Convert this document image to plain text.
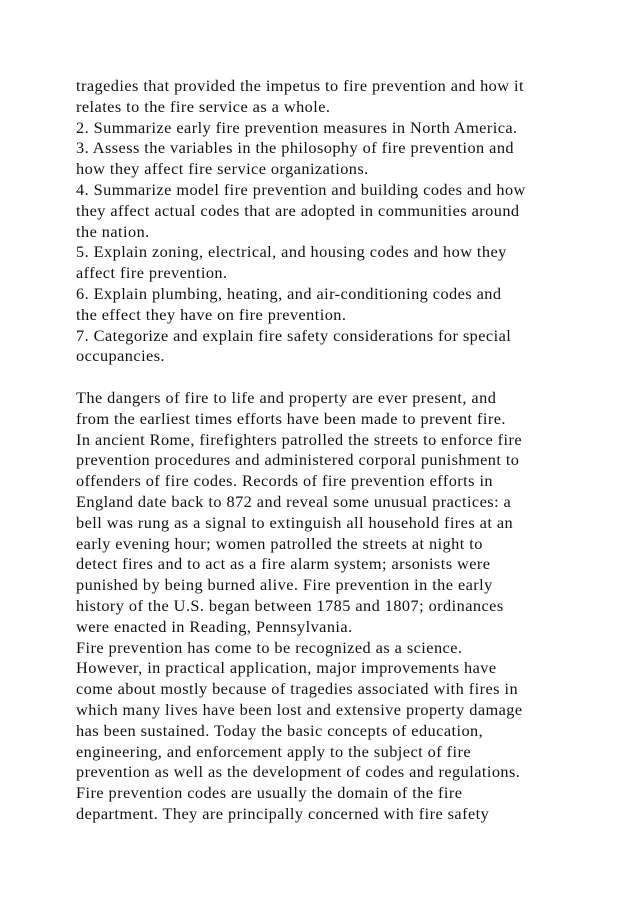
tragedies that provided the impetus to fire prevention and how it
relates to the fire service as a whole.
2. Summarize early fire prevention measures in North America.
3. Assess the variables in the philosophy of fire prevention and
how they affect fire service organizations.
4. Summarize model fire prevention and building codes and how
they affect actual codes that are adopted in communities around
the nation.
5. Explain zoning, electrical, and housing codes and how they
affect fire prevention.
6. Explain plumbing, heating, and air-conditioning codes and
the effect they have on fire prevention.
7. Categorize and explain fire safety considerations for special
occupancies.
The dangers of fire to life and property are ever present, and
from the earliest times efforts have been made to prevent fire.
In ancient Rome, firefighters patrolled the streets to enforce fire
prevention procedures and administered corporal punishment to
offenders of fire codes. Records of fire prevention efforts in
England date back to 872 and reveal some unusual practices: a
bell was rung as a signal to extinguish all household fires at an
early evening hour; women patrolled the streets at night to
detect fires and to act as a fire alarm system; arsonists were
punished by being burned alive. Fire prevention in the early
history of the U.S. began between 1785 and 1807; ordinances
were enacted in Reading, Pennsylvania.
Fire prevention has come to be recognized as a science.
However, in practical application, major improvements have
come about mostly because of tragedies associated with fires in
which many lives have been lost and extensive property damage
has been sustained. Today the basic concepts of education,
engineering, and enforcement apply to the subject of fire
prevention as well as the development of codes and regulations.
Fire prevention codes are usually the domain of the fire
department. They are principally concerned with fire safety
